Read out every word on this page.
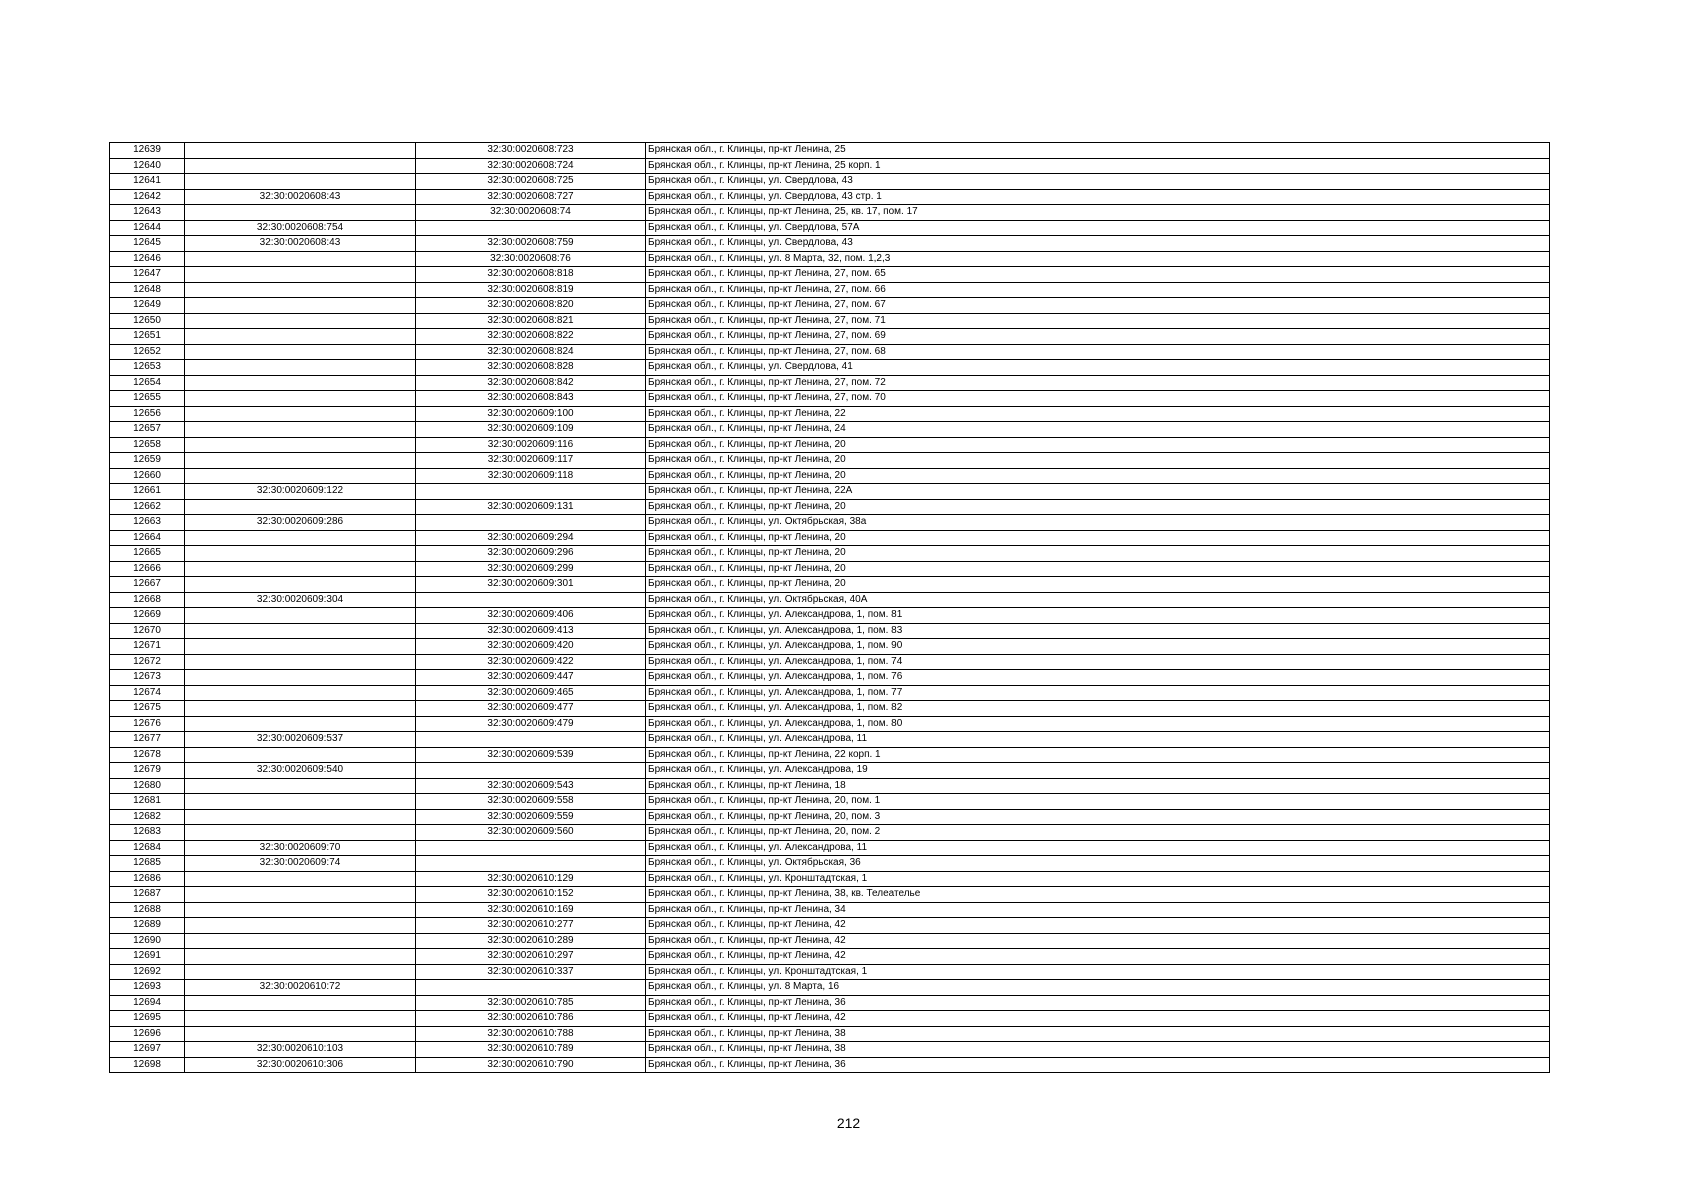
12639		32:30:0020608:723	Брянская обл., г. Клинцы, пр-кт Ленина, 25
12640		32:30:0020608:724	Брянская обл., г. Клинцы, пр-кт Ленина, 25 корп. 1
12641		32:30:0020608:725	Брянская обл., г. Клинцы, ул. Свердлова, 43
12642	32:30:0020608:43	32:30:0020608:727	Брянская обл., г. Клинцы, ул. Свердлова, 43 стр. 1
12643		32:30:0020608:74	Брянская обл., г. Клинцы, пр-кт Ленина, 25, кв. 17, пом. 17
12644	32:30:0020608:754		Брянская обл., г. Клинцы, ул. Свердлова, 57А
12645	32:30:0020608:43	32:30:0020608:759	Брянская обл., г. Клинцы, ул. Свердлова, 43
12646		32:30:0020608:76	Брянская обл., г. Клинцы, ул. 8 Марта, 32, пом. 1,2,3
12647		32:30:0020608:818	Брянская обл., г. Клинцы, пр-кт Ленина, 27, пом. 65
12648		32:30:0020608:819	Брянская обл., г. Клинцы, пр-кт Ленина, 27, пом. 66
12649		32:30:0020608:820	Брянская обл., г. Клинцы, пр-кт Ленина, 27, пом. 67
12650		32:30:0020608:821	Брянская обл., г. Клинцы, пр-кт Ленина, 27, пом. 71
12651		32:30:0020608:822	Брянская обл., г. Клинцы, пр-кт Ленина, 27, пом. 69
12652		32:30:0020608:824	Брянская обл., г. Клинцы, пр-кт Ленина, 27, пом. 68
12653		32:30:0020608:828	Брянская обл., г. Клинцы, ул. Свердлова, 41
12654		32:30:0020608:842	Брянская обл., г. Клинцы, пр-кт Ленина, 27, пом. 72
12655		32:30:0020608:843	Брянская обл., г. Клинцы, пр-кт Ленина, 27, пом. 70
12656		32:30:0020609:100	Брянская обл., г. Клинцы, пр-кт Ленина, 22
12657		32:30:0020609:109	Брянская обл., г. Клинцы, пр-кт Ленина, 24
12658		32:30:0020609:116	Брянская обл., г. Клинцы, пр-кт Ленина, 20
12659		32:30:0020609:117	Брянская обл., г. Клинцы, пр-кт Ленина, 20
12660		32:30:0020609:118	Брянская обл., г. Клинцы, пр-кт Ленина, 20
12661	32:30:0020609:122		Брянская обл., г. Клинцы, пр-кт Ленина, 22А
12662		32:30:0020609:131	Брянская обл., г. Клинцы, пр-кт Ленина, 20
12663	32:30:0020609:286		Брянская обл., г. Клинцы, ул. Октябрьская, 38а
12664		32:30:0020609:294	Брянская обл., г. Клинцы, пр-кт Ленина, 20
12665		32:30:0020609:296	Брянская обл., г. Клинцы, пр-кт Ленина, 20
12666		32:30:0020609:299	Брянская обл., г. Клинцы, пр-кт Ленина, 20
12667		32:30:0020609:301	Брянская обл., г. Клинцы, пр-кт Ленина, 20
12668	32:30:0020609:304		Брянская обл., г. Клинцы, ул. Октябрьская, 40А
12669		32:30:0020609:406	Брянская обл., г. Клинцы, ул. Александрова, 1, пом. 81
12670		32:30:0020609:413	Брянская обл., г. Клинцы, ул. Александрова, 1, пом. 83
12671		32:30:0020609:420	Брянская обл., г. Клинцы, ул. Александрова, 1, пом. 90
12672		32:30:0020609:422	Брянская обл., г. Клинцы, ул. Александрова, 1, пом. 74
12673		32:30:0020609:447	Брянская обл., г. Клинцы, ул. Александрова, 1, пом. 76
12674		32:30:0020609:465	Брянская обл., г. Клинцы, ул. Александрова, 1, пом. 77
12675		32:30:0020609:477	Брянская обл., г. Клинцы, ул. Александрова, 1, пом. 82
12676		32:30:0020609:479	Брянская обл., г. Клинцы, ул. Александрова, 1, пом. 80
12677	32:30:0020609:537		Брянская обл., г. Клинцы, ул. Александрова, 11
12678		32:30:0020609:539	Брянская обл., г. Клинцы, пр-кт Ленина, 22 корп. 1
12679	32:30:0020609:540		Брянская обл., г. Клинцы, ул. Александрова, 19
12680		32:30:0020609:543	Брянская обл., г. Клинцы, пр-кт Ленина, 18
12681		32:30:0020609:558	Брянская обл., г. Клинцы, пр-кт Ленина, 20, пом. 1
12682		32:30:0020609:559	Брянская обл., г. Клинцы, пр-кт Ленина, 20, пом. 3
12683		32:30:0020609:560	Брянская обл., г. Клинцы, пр-кт Ленина, 20, пом. 2
12684	32:30:0020609:70		Брянская обл., г. Клинцы, ул. Александрова, 11
12685	32:30:0020609:74		Брянская обл., г. Клинцы, ул. Октябрьская, 36
12686		32:30:0020610:129	Брянская обл., г. Клинцы, ул. Кронштадтская, 1
12687		32:30:0020610:152	Брянская обл., г. Клинцы, пр-кт Ленина, 38, кв. Телеателье
12688		32:30:0020610:169	Брянская обл., г. Клинцы, пр-кт Ленина, 34
12689		32:30:0020610:277	Брянская обл., г. Клинцы, пр-кт Ленина, 42
12690		32:30:0020610:289	Брянская обл., г. Клинцы, пр-кт Ленина, 42
12691		32:30:0020610:297	Брянская обл., г. Клинцы, пр-кт Ленина, 42
12692		32:30:0020610:337	Брянская обл., г. Клинцы, ул. Кронштадтская, 1
12693	32:30:0020610:72		Брянская обл., г. Клинцы, ул. 8 Марта, 16
12694		32:30:0020610:785	Брянская обл., г. Клинцы, пр-кт Ленина, 36
12695		32:30:0020610:786	Брянская обл., г. Клинцы, пр-кт Ленина, 42
12696		32:30:0020610:788	Брянская обл., г. Клинцы, пр-кт Ленина, 38
12697	32:30:0020610:103	32:30:0020610:789	Брянская обл., г. Клинцы, пр-кт Ленина, 38
12698	32:30:0020610:306	32:30:0020610:790	Брянская обл., г. Клинцы, пр-кт Ленина, 36
212
